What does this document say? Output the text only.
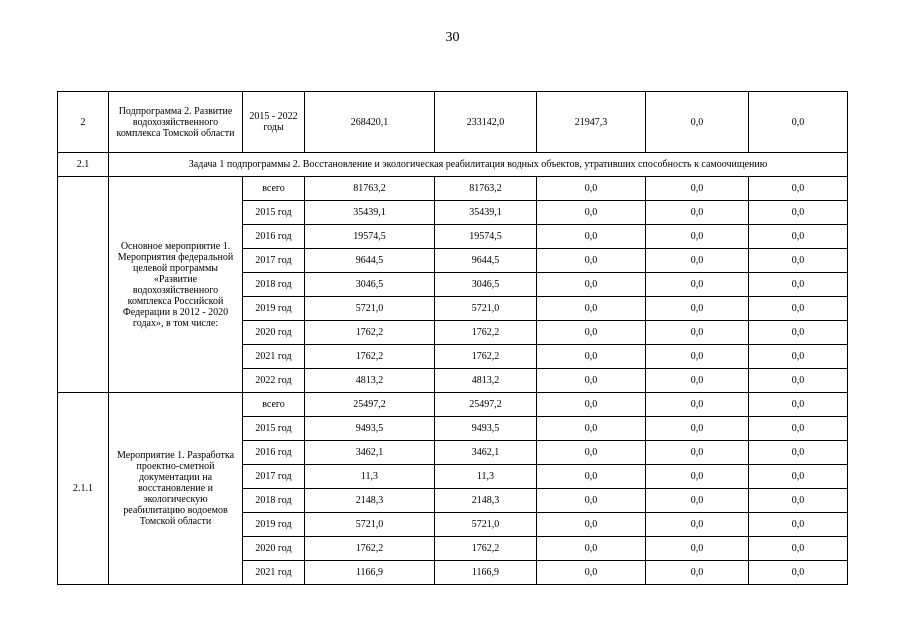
30
2	Подпрограмма 2. Развитие водохозяйственного комплекса Томской области	2015 - 2022 годы	268420,1	233142,0	21947,3	0,0	0,0
2.1	Задача 1 подпрограммы 2. Восстановление и экологическая реабилитация водных объектов, утративших способность к самоочищению						
	Основное мероприятие 1. Мероприятия федеральной целевой программы «Развитие водохозяйственного комплекса Российской Федерации в 2012 - 2020 годах», в том числе:	всего	81763,2	81763,2	0,0	0,0	0,0
		2015 год	35439,1	35439,1	0,0	0,0	0,0
		2016 год	19574,5	19574,5	0,0	0,0	0,0
		2017 год	9644,5	9644,5	0,0	0,0	0,0
		2018 год	3046,5	3046,5	0,0	0,0	0,0
		2019 год	5721,0	5721,0	0,0	0,0	0,0
		2020 год	1762,2	1762,2	0,0	0,0	0,0
		2021 год	1762,2	1762,2	0,0	0,0	0,0
		2022 год	4813,2	4813,2	0,0	0,0	0,0
2.1.1	Мероприятие 1. Разработка проектно-сметной документации на восстановление и экологическую реабилитацию водоемов Томской области	всего	25497,2	25497,2	0,0	0,0	0,0
		2015 год	9493,5	9493,5	0,0	0,0	0,0
		2016 год	3462,1	3462,1	0,0	0,0	0,0
		2017 год	11,3	11,3	0,0	0,0	0,0
		2018 год	2148,3	2148,3	0,0	0,0	0,0
		2019 год	5721,0	5721,0	0,0	0,0	0,0
		2020 год	1762,2	1762,2	0,0	0,0	0,0
		2021 год	1166,9	1166,9	0,0	0,0	0,0
